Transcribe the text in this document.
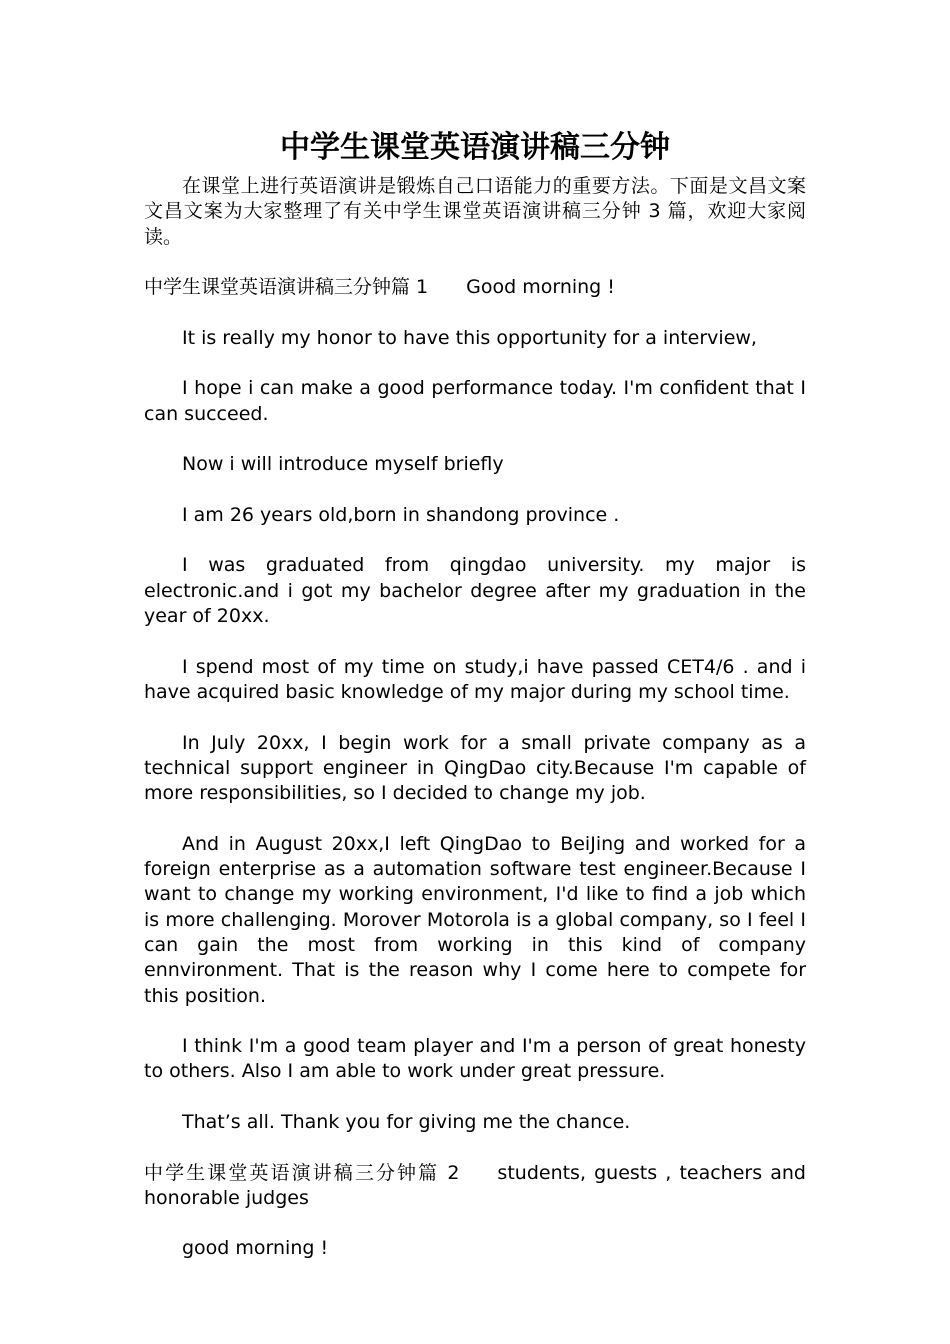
中学生课堂英语演讲稿三分钟

在课堂上进行英语演讲是锻炼自己口语能力的重要方法。下面是文昌文案文昌文案为大家整理了有关中学生课堂英语演讲稿三分钟 3 篇，欢迎大家阅读。

中学生课堂英语演讲稿三分钟篇 1 Good morning !

It is really my honor to have this opportunity for a interview,

I hope i can make a good performance today. I'm confident that I can succeed.

Now i will introduce myself briefly

I am 26 years old,born in shandong province .

I was graduated from qingdao university. my major is electronic.and i got my bachelor degree after my graduation in the year of 20xx.

I spend most of my time on study,i have passed CET4/6 . and i have acquired basic knowledge of my major during my school time.

In July 20xx, I begin work for a small private company as a technical support engineer in QingDao city.Because I'm capable of more responsibilities, so I decided to change my job.

And in August 20xx,I left QingDao to BeiJing and worked for a foreign enterprise as a automation software test engineer.Because I want to change my working environment, I'd like to find a job which is more challenging. Morover Motorola is a global company, so I feel I can gain the most from working in this kind of company ennvironment. That is the reason why I come here to compete for this position.

I think I'm a good team player and I'm a person of great honesty to others. Also I am able to work under great pressure.

That’s all. Thank you for giving me the chance.

中学生课堂英语演讲稿三分钟篇 2 students, guests , teachers and honorable judges

good morning !
